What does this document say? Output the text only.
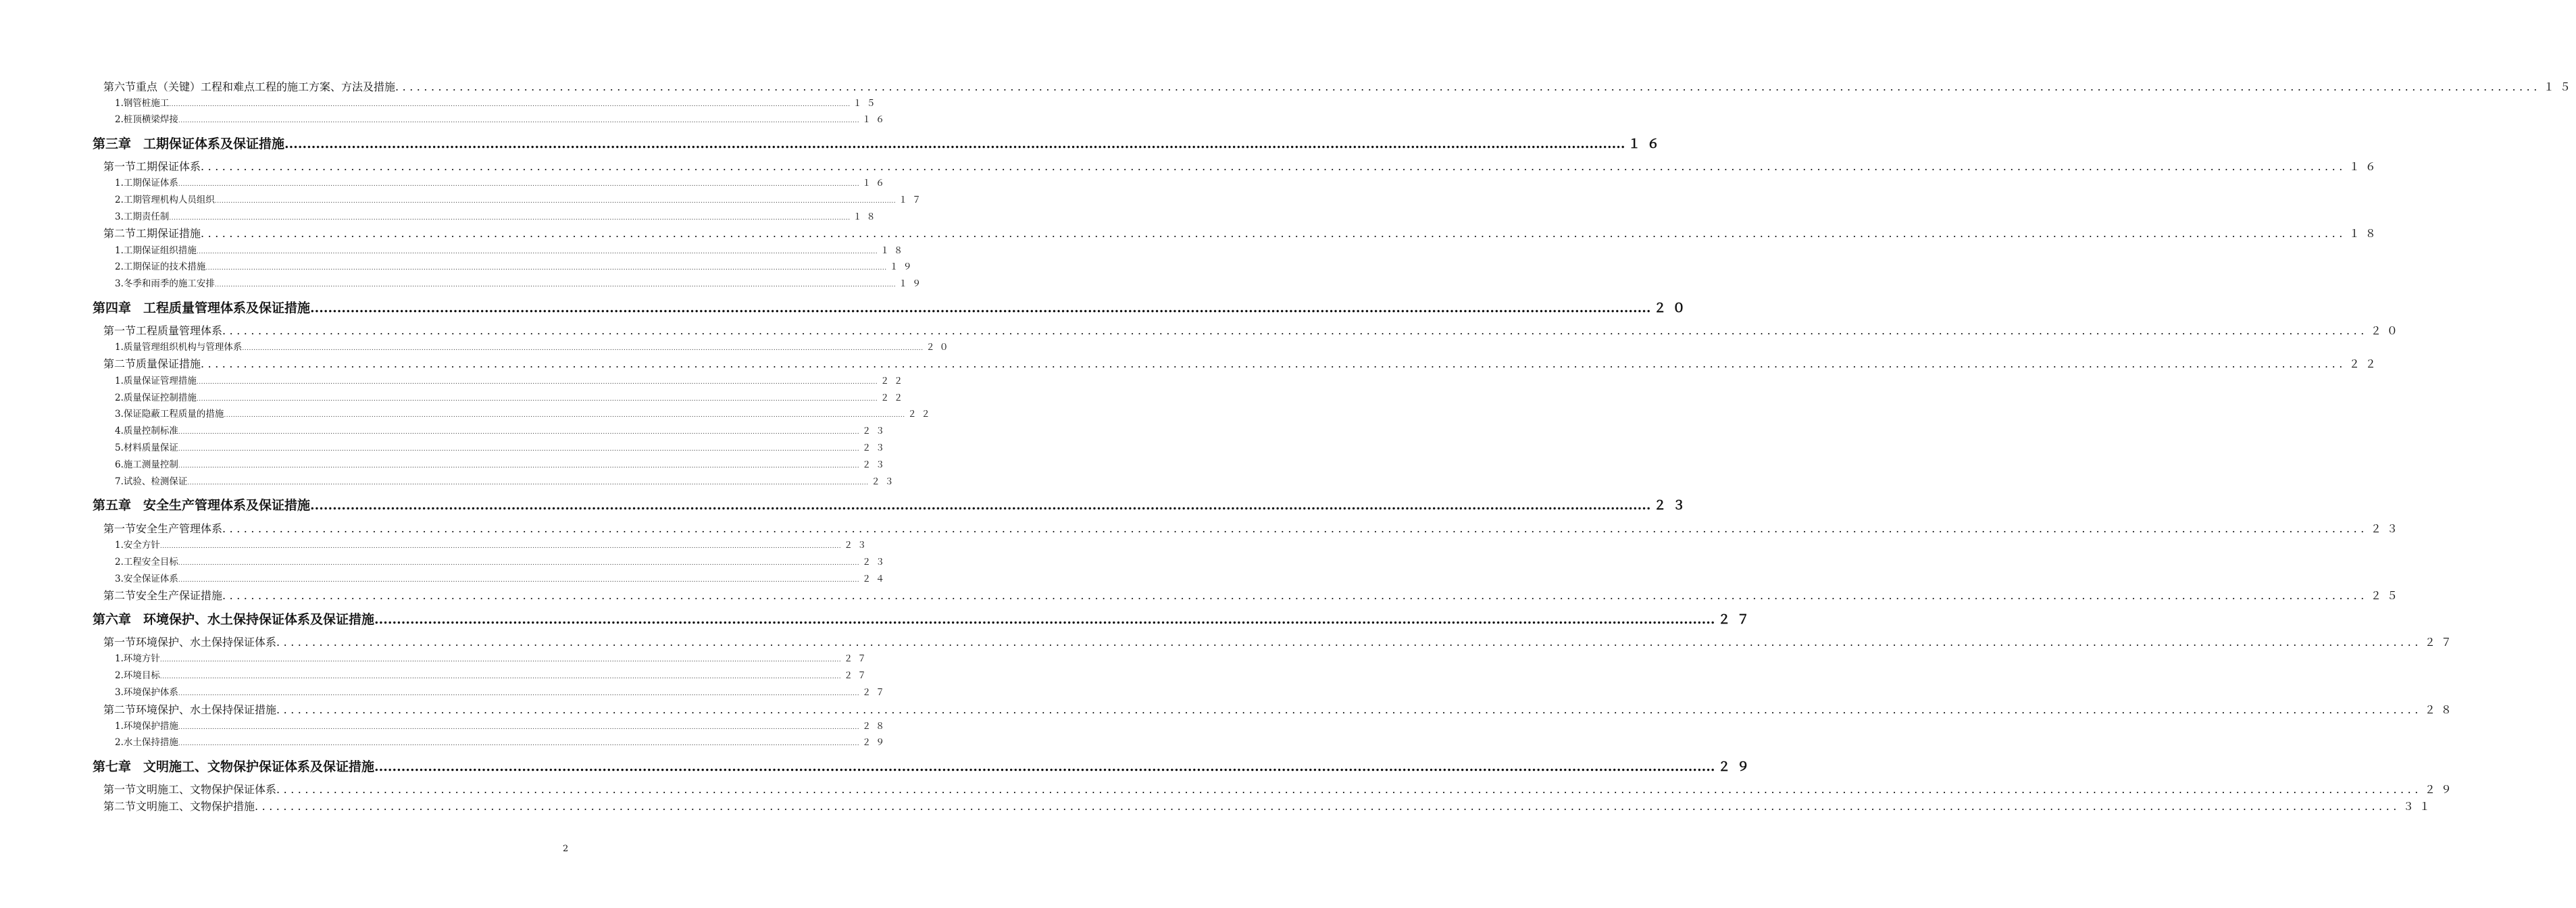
第六节 重点（关键）工程和难点工程的施工方案、方法及措施 ............................................................................................................................................................................................................................................................................................................ １５
1.钢管桩施工 ............................................................................................................................................................................................................................................................................................................ １５
2.桩顶横梁焊接 ............................................................................................................................................................................................................................................................................................................ １６
第三章 工期保证体系及保证措施 ............................................................................................................................................................................................................................................................................................................ １６
第一节 工期保证体系 ............................................................................................................................................................................................................................................................................................................ １６
1.工期保证体系 ............................................................................................................................................................................................................................................................................................................ １６
2.工期管理机构人员组织 ............................................................................................................................................................................................................................................................................................................ １７
3.工期责任制 ............................................................................................................................................................................................................................................................................................................ １８
第二节 工期保证措施 ............................................................................................................................................................................................................................................................................................................ １８
1.工期保证组织措施 ............................................................................................................................................................................................................................................................................................................ １８
2.工期保证的技术措施 ............................................................................................................................................................................................................................................................................................................ １９
3.冬季和雨季的施工安排 ............................................................................................................................................................................................................................................................................................................ １９
第四章 工程质量管理体系及保证措施 ............................................................................................................................................................................................................................................................................................................ ２０
第一节 工程质量管理体系 ............................................................................................................................................................................................................................................................................................................ ２０
1.质量管理组织机构与管理体系 ............................................................................................................................................................................................................................................................................................................ ２０
第二节 质量保证措施 ............................................................................................................................................................................................................................................................................................................ ２２
1.质量保证管理措施 ............................................................................................................................................................................................................................................................................................................ ２２
2.质量保证控制措施 ............................................................................................................................................................................................................................................................................................................ ２２
3.保证隐蔽工程质量的措施 ............................................................................................................................................................................................................................................................................................................ ２２
4.质量控制标准 ............................................................................................................................................................................................................................................................................................................ ２３
5.材料质量保证 ............................................................................................................................................................................................................................................................................................................ ２３
6.施工测量控制 ............................................................................................................................................................................................................................................................................................................ ２３
7.试验、检测保证 ............................................................................................................................................................................................................................................................................................................ ２３
第五章 安全生产管理体系及保证措施 ............................................................................................................................................................................................................................................................................................................ ２３
第一节 安全生产管理体系 ............................................................................................................................................................................................................................................................................................................ ２３
1.安全方针 ............................................................................................................................................................................................................................................................................................................ ２３
2.工程安全目标 ............................................................................................................................................................................................................................................................................................................ ２３
3.安全保证体系 ............................................................................................................................................................................................................................................................................................................ ２４
第二节 安全生产保证措施 ............................................................................................................................................................................................................................................................................................................ ２５
第六章 环境保护、水土保持保证体系及保证措施 ............................................................................................................................................................................................................................................................................................................ ２７
第一节 环境保护、水土保持保证体系 ............................................................................................................................................................................................................................................................................................................ ２７
1.环境方针 ............................................................................................................................................................................................................................................................................................................ ２７
2.环境目标 ............................................................................................................................................................................................................................................................................................................ ２７
3.环境保护体系 ............................................................................................................................................................................................................................................................................................................ ２７
第二节 环境保护、水土保持保证措施 ............................................................................................................................................................................................................................................................................................................ ２８
1.环境保护措施 ............................................................................................................................................................................................................................................................................................................ ２８
2.水土保持措施 ............................................................................................................................................................................................................................................................................................................ ２９
第七章 文明施工、文物保护保证体系及保证措施 ............................................................................................................................................................................................................................................................................................................ ２９
第一节 文明施工、文物保护保证体系 ............................................................................................................................................................................................................................................................................................................ ２９
第二节 文明施工、文物保护措施 ............................................................................................................................................................................................................................................................................................................ ３１
2
